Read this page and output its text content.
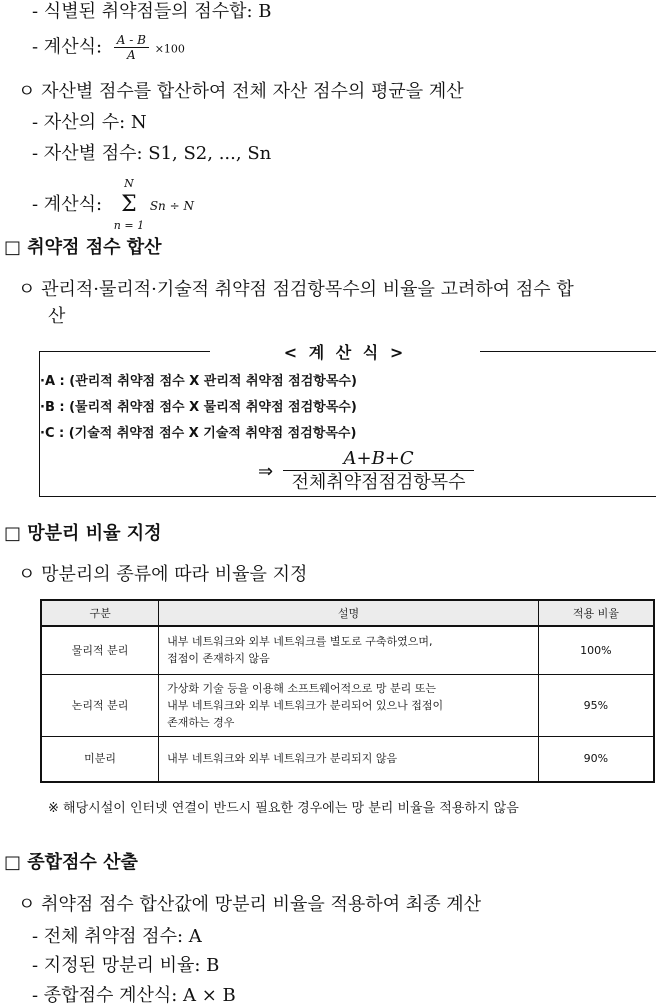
- 식별된 취약점들의 점수합: B
- 계산식: $\frac{A - B}{A} \times 100$
ㅇ 자산별 점수를 합산하여 전체 자산 점수의 평균을 계산
- 자산의 수: N
- 자산별 점수: S1, S2, ..., Sn
- 계산식:
N
Σ
n = 1
Sn ÷ N
□ 취약점 점수 합산
ㅇ 관리적·물리적·기술적 취약점 점검항목수의 비율을 고려하여 점수 합
산
< 계 산 식 >
·A : (관리적 취약점 점수 X 관리적 취약점 점검항목수)
·B : (물리적 취약점 점수 X 물리적 취약점 점검항목수)
·C : (기술적 취약점 점수 X 기술적 취약점 점검항목수)
⇒
A+B+C
전체취약점점검항목수
□ 망분리 비율 지정
ㅇ 망분리의 종류에 따라 비율을 지정
구분	설명	적용 비율
물리적 분리	내부 네트워크와 외부 네트워크를 별도로 구축하였으며,
접점이 존재하지 않음	100%
논리적 분리	가상화 기술 등을 이용해 소프트웨어적으로 망 분리 또는
내부 네트워크와 외부 네트워크가 분리되어 있으나 접점이
존재하는 경우	95%
미분리	내부 네트워크와 외부 네트워크가 분리되지 않음	90%
※ 해당시설이 인터넷 연결이 반드시 필요한 경우에는 망 분리 비율을 적용하지 않음
□ 종합점수 산출
ㅇ 취약점 점수 합산값에 망분리 비율을 적용하여 최종 계산
- 전체 취약점 점수: A
- 지정된 망분리 비율: B
- 종합점수 계산식: A × B
